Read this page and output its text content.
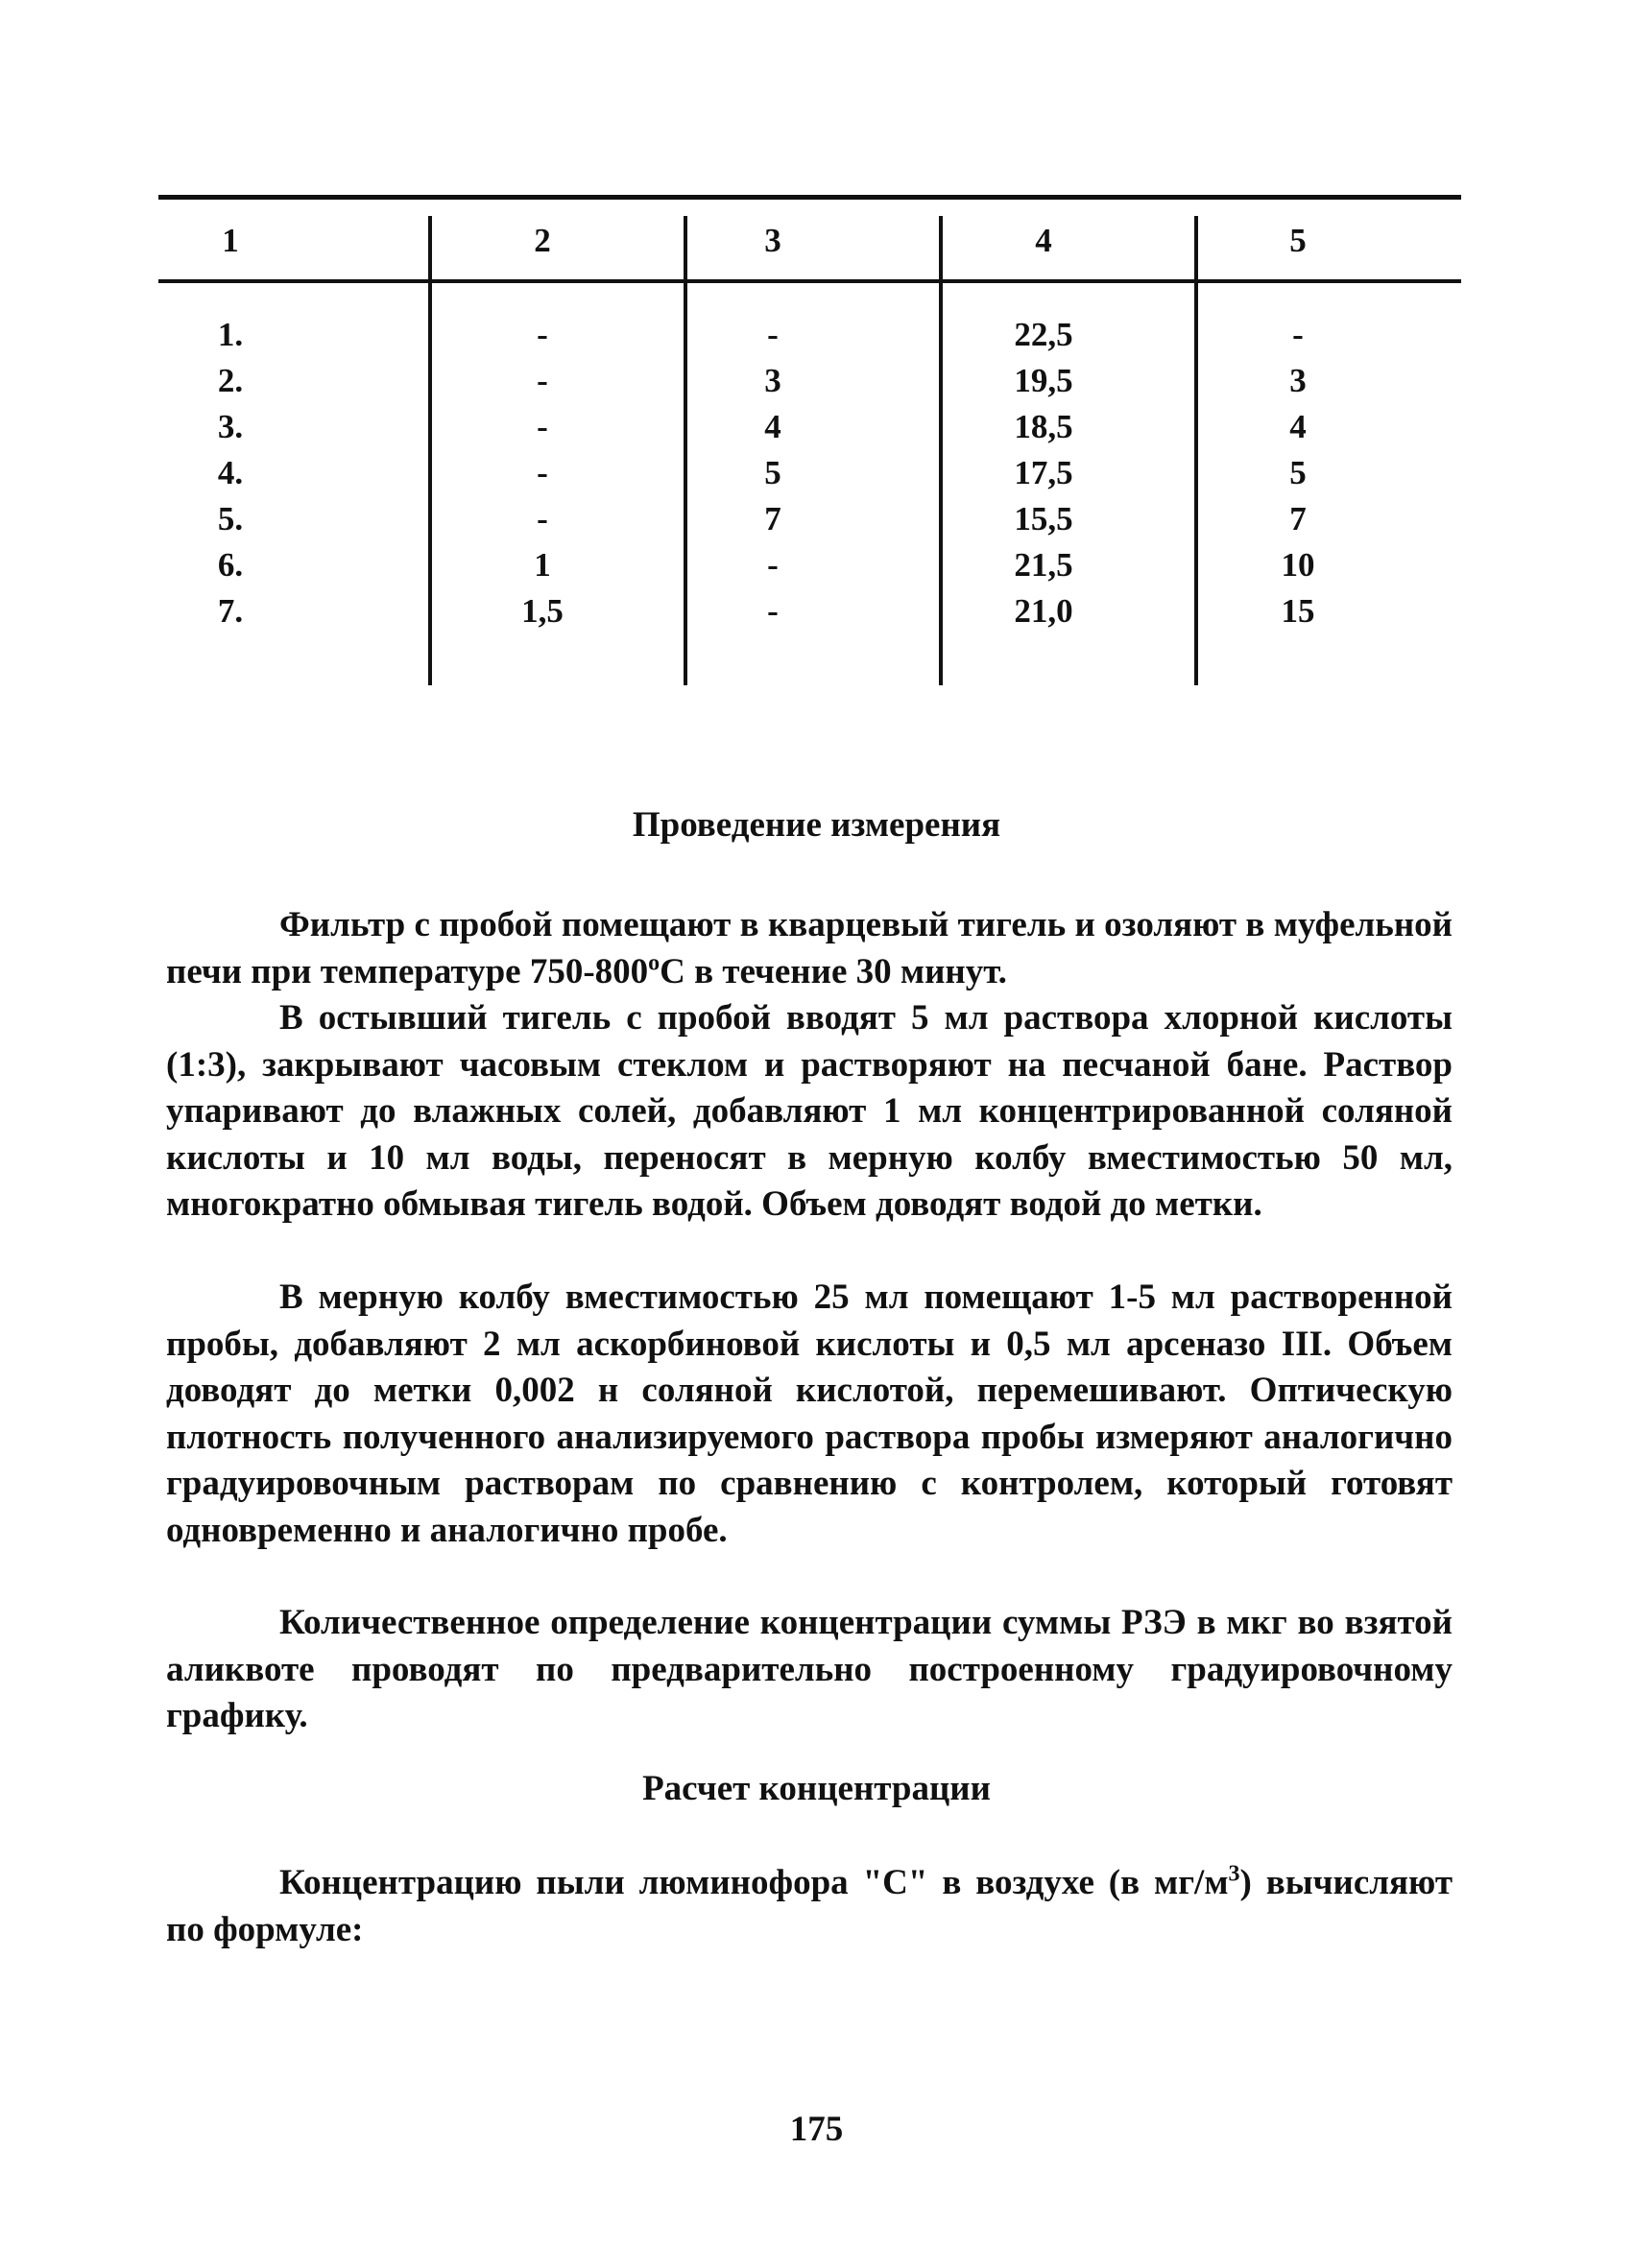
1
1.
2.
3.
4.
5.
6.
7.
2
-
-
-
-
-
1
1,5
3
-
3
4
5
7
-
-
4
22,5
19,5
18,5
17,5
15,5
21,5
21,0
5
-
3
4
5
7
10
15
Проведение измерения

Фильтр с пробой помещают в кварцевый тигель и озоляют в муфельной печи при температуре $750-800^оС$ в течение 30 минут.

В остывший тигель с пробой вводят 5 мл раствора хлорной кислоты (1:3), закрывают часовым стеклом и растворяют на песчаной бане. Раствор упаривают до влажных солей, добавляют 1 мл концентрированной соляной кислоты и 10 мл воды, переносят в мерную колбу вместимостью 50 мл, многократно обмывая тигель водой. Объем доводят водой до метки.

В мерную колбу вместимостью 25 мл помещают 1-5 мл растворенной пробы, добавляют 2 мл аскорбиновой кислоты и 0,5 мл арсеназо III. Объем доводят до метки 0,002 н соляной кислотой, перемешивают. Оптическую плотность полученного анализируемого раствора пробы измеряют аналогично градуировочным растворам по сравнению с контролем, который готовят одновременно и аналогично пробе.

Количественное определение концентрации суммы РЗЭ в мкг во взятой аликвоте проводят по предварительно построенному градуировочному графику.

Расчет концентрации

Концентрацию пыли люминофора "С" в воздухе (в $мг/м^3$) вычисляют по формуле:

175
